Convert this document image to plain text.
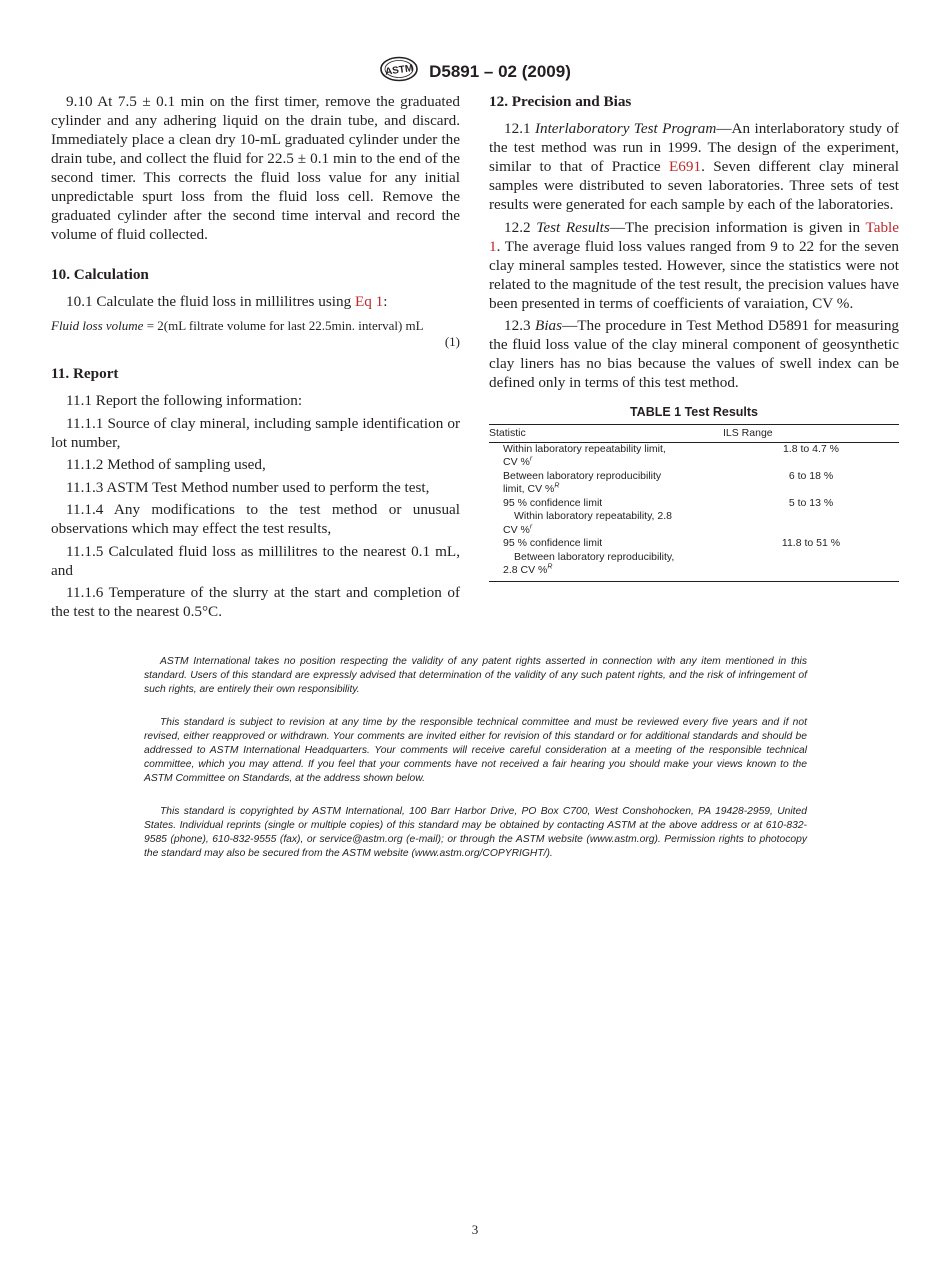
ASTM D5891 – 02 (2009)

9.10 At 7.5 ± 0.1 min on the first timer, remove the graduated cylinder and any adhering liquid on the drain tube, and discard. Immediately place a clean dry 10-mL graduated cylinder under the drain tube, and collect the fluid for 22.5 ± 0.1 min to the end of the second timer. This corrects the fluid loss value for any initial unpredictable spurt loss from the fluid loss cell. Remove the graduated cylinder after the second time interval and record the volume of fluid collected.

10. Calculation

10.1 Calculate the fluid loss in millilitres using Eq 1:

Fluid loss volume = 2(mL filtrate volume for last 22.5min. interval) mL
(1)
11. Report

11.1 Report the following information:

11.1.1 Source of clay mineral, including sample identification or lot number,

11.1.2 Method of sampling used,

11.1.3 ASTM Test Method number used to perform the test,

11.1.4 Any modifications to the test method or unusual observations which may effect the test results,

11.1.5 Calculated fluid loss as millilitres to the nearest 0.1 mL, and

11.1.6 Temperature of the slurry at the start and completion of the test to the nearest 0.5°C.

12. Precision and Bias

12.1 Interlaboratory Test Program—An interlaboratory study of the test method was run in 1999. The design of the experiment, similar to that of Practice E691. Seven different clay mineral samples were distributed to seven laboratories. Three sets of test results were generated for each sample by each of the laboratories.

12.2 Test Results—The precision information is given in Table 1. The average fluid loss values ranged from 9 to 22 for the seven clay mineral samples tested. However, since the statistics were not related to the magnitude of the test result, the precision values have been presented in terms of coefficients of varaiation, CV %.

12.3 Bias—The procedure in Test Method D5891 for measuring the fluid loss value of the clay mineral component of geosynthetic clay liners has no bias because the values of swell index can be defined only in terms of this test method.

TABLE 1 Test Results
Statistic	ILS Range
Within laboratory repeatability limit,
CV %$^r$	1.8 to 4.7 %
Between laboratory reproducibility
limit, CV %$^R$	6 to 18 %
95 % confidence limit
Within laboratory repeatability, 2.8
CV %$^r$	5 to 13 %
95 % confidence limit
Between laboratory reproducibility,
2.8 CV %$^R$	11.8 to 51 %

ASTM International takes no position respecting the validity of any patent rights asserted in connection with any item mentioned in this standard. Users of this standard are expressly advised that determination of the validity of any such patent rights, and the risk of infringement of such rights, are entirely their own responsibility.

This standard is subject to revision at any time by the responsible technical committee and must be reviewed every five years and if not revised, either reapproved or withdrawn. Your comments are invited either for revision of this standard or for additional standards and should be addressed to ASTM International Headquarters. Your comments will receive careful consideration at a meeting of the responsible technical committee, which you may attend. If you feel that your comments have not received a fair hearing you should make your views known to the ASTM Committee on Standards, at the address shown below.

This standard is copyrighted by ASTM International, 100 Barr Harbor Drive, PO Box C700, West Conshohocken, PA 19428-2959, United States. Individual reprints (single or multiple copies) of this standard may be obtained by contacting ASTM at the above address or at 610-832-9585 (phone), 610-832-9555 (fax), or service@astm.org (e-mail); or through the ASTM website (www.astm.org). Permission rights to photocopy the standard may also be secured from the ASTM website (www.astm.org/COPYRIGHT/).

3
